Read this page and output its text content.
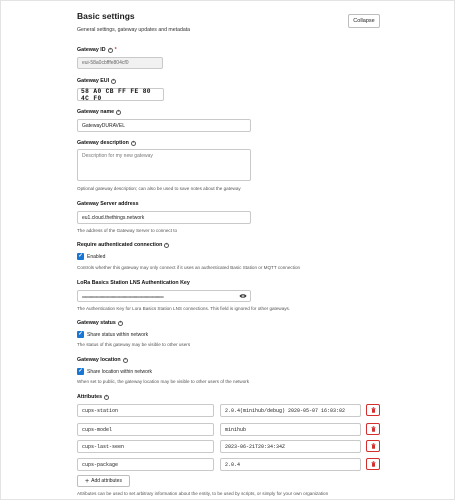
Basic settings
General settings, gateway updates and metadata
Collapse
Gateway ID	i *
eui-58a0cbfffe804cf0
Gateway EUI	i
58 A0 CB FF FE 80 4C F0
Gateway name	i
GatewayDURAVEL
Gateway description	i
Description for my new gateway
Optional gateway description; can also be used to save notes about the gateway
Gateway Server address
eu1.cloud.thethings.network
The address of the Gateway Server to connect to
Require authenticated connection	i
✓ Enabled
Controls whether this gateway may only connect if it uses an authenticated Basic Station or MQTT connection
LoRa Basics Station LNS Authentication Key
••••••••••••••••••••••••••••••••••••••••••••••••••••••••••••••••••••••••••
The Authentication Key for Lora Basics Station LNS connections. This field is ignored for other gateways.
Gateway status	i
✓ Share status within network
The status of this gateway may be visible to other users
Gateway location	i
✓ Share location within network
When set to public, the gateway location may be visible to other users of the network
Attributes	i
cups-station	2.0.4(minihub/debug) 2020-05-07 16:03:02
cups-model	minihub
cups-last-seen	2023-06-21T20:34:34Z
cups-package	2.0.4
+ Add attributes
Attributes can be used to set arbitrary information about the entity, to be used by scripts, or simply for your own organization
